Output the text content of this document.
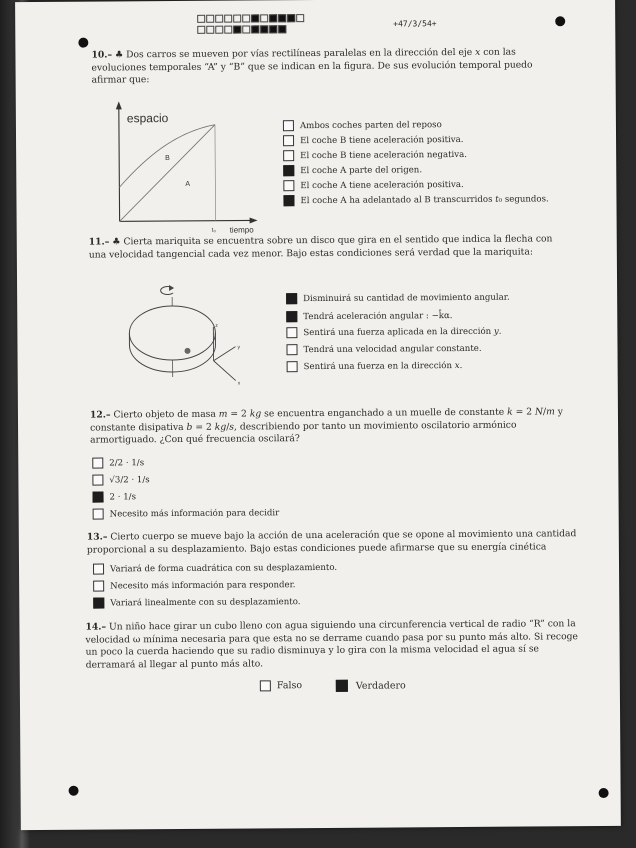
+47/3/54+
10.– ♣ Dos carros se mueven por vías rectilíneas paralelas en la dirección del eje 𝑥 con las evoluciones temporales “A” y “B” que se indican en la figura. De sus evolución temporal puedo afirmar que:
espacio
tiempo
B
A
t₀
Ambos coches parten del reposo
El coche B tiene aceleración positiva.
El coche B tiene aceleración negativa.
El coche A parte del origen.
El coche A tiene aceleración positiva.
El coche A ha adelantado al B transcurridos 𝑡₀ segundos.
11.– ♣ Cierta mariquita se encuentra sobre un disco que gira en el sentido que indica la flecha con una velocidad tangencial cada vez menor. Bajo estas condiciones será verdad que la mariquita:
z
y
x
Disminuirá su cantidad de movimiento angular.
Tendrá aceleración angular : −k̂α.
Sentirá una fuerza aplicada en la dirección 𝑦.
Tendrá una velocidad angular constante.
Sentirá una fuerza en la dirección 𝑥.
12.– Cierto objeto de masa 𝑚 = 2 𝑘𝑔 se encuentra enganchado a un muelle de constante 𝑘 = 2 𝑁/𝑚 y constante disipativa 𝑏 = 2 𝑘𝑔/𝑠, describiendo por tanto un movimiento oscilatorio armónico armortiguado. ¿Con qué frecuencia oscilará?
2/2 · 1/s
√3/2 · 1/s
2 · 1/s
Necesito más información para decidir
13.– Cierto cuerpo se mueve bajo la acción de una aceleración que se opone al movimiento una cantidad proporcional a su desplazamiento. Bajo estas condiciones puede afirmarse que su energía cinética
Variará de forma cuadrática con su desplazamiento.
Necesito más información para responder.
Variará linealmente con su desplazamiento.
14.– Un niño hace girar un cubo lleno con agua siguiendo una circunferencia vertical de radio “R” con la velocidad ω mínima necesaria para que esta no se derrame cuando pasa por su punto más alto. Si recoge un poco la cuerda haciendo que su radio disminuya y lo gira con la misma velocidad el agua sí se derramará al llegar al punto más alto.
Falso	Verdadero
